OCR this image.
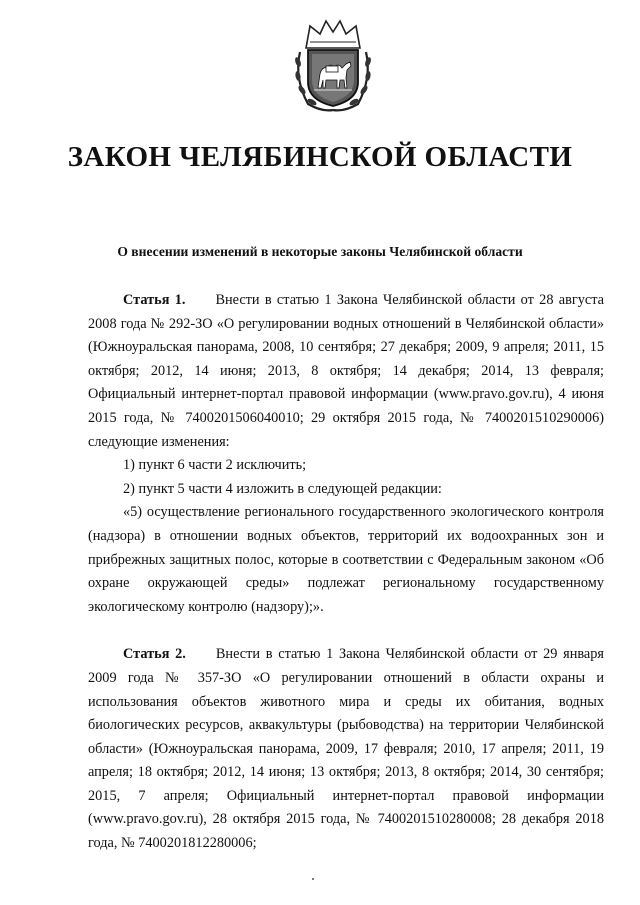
ЗАКОН ЧЕЛЯБИНСКОЙ ОБЛАСТИ
О внесении изменений в некоторые законы Челябинской области

Статья 1. Внести в статью 1 Закона Челябинской области от 28 августа 2008 года № 292-ЗО «О регулировании водных отношений в Челябинской области» (Южноуральская панорама, 2008, 10 сентября; 27 декабря; 2009, 9 апреля; 2011, 15 октября; 2012, 14 июня; 2013, 8 октября; 14 декабря; 2014, 13 февраля; Официальный интернет-портал правовой информации (www.pravo.gov.ru), 4 июня 2015 года, № 7400201506040010; 29 октября 2015 года, № 7400201510290006) следующие изменения:

1) пункт 6 части 2 исключить;

2) пункт 5 части 4 изложить в следующей редакции:

«5) осуществление регионального государственного экологического контроля (надзора) в отношении водных объектов, территорий их водоохранных зон и прибрежных защитных полос, которые в соответствии с Федеральным законом «Об охране окружающей среды» подлежат региональному государственному экологическому контролю (надзору);».

Статья 2. Внести в статью 1 Закона Челябинской области от 29 января 2009 года № 357-ЗО «О регулировании отношений в области охраны и использования объектов животного мира и среды их обитания, водных биологических ресурсов, аквакультуры (рыбоводства) на территории Челябинской области» (Южноуральская панорама, 2009, 17 февраля; 2010, 17 апреля; 2011, 19 апреля; 18 октября; 2012, 14 июня; 13 октября; 2013, 8 октября; 2014, 30 сентября; 2015, 7 апреля; Официальный интернет-портал правовой информации (www.pravo.gov.ru), 28 октября 2015 года, № 7400201510280008; 28 декабря 2018 года, № 7400201812280006;
